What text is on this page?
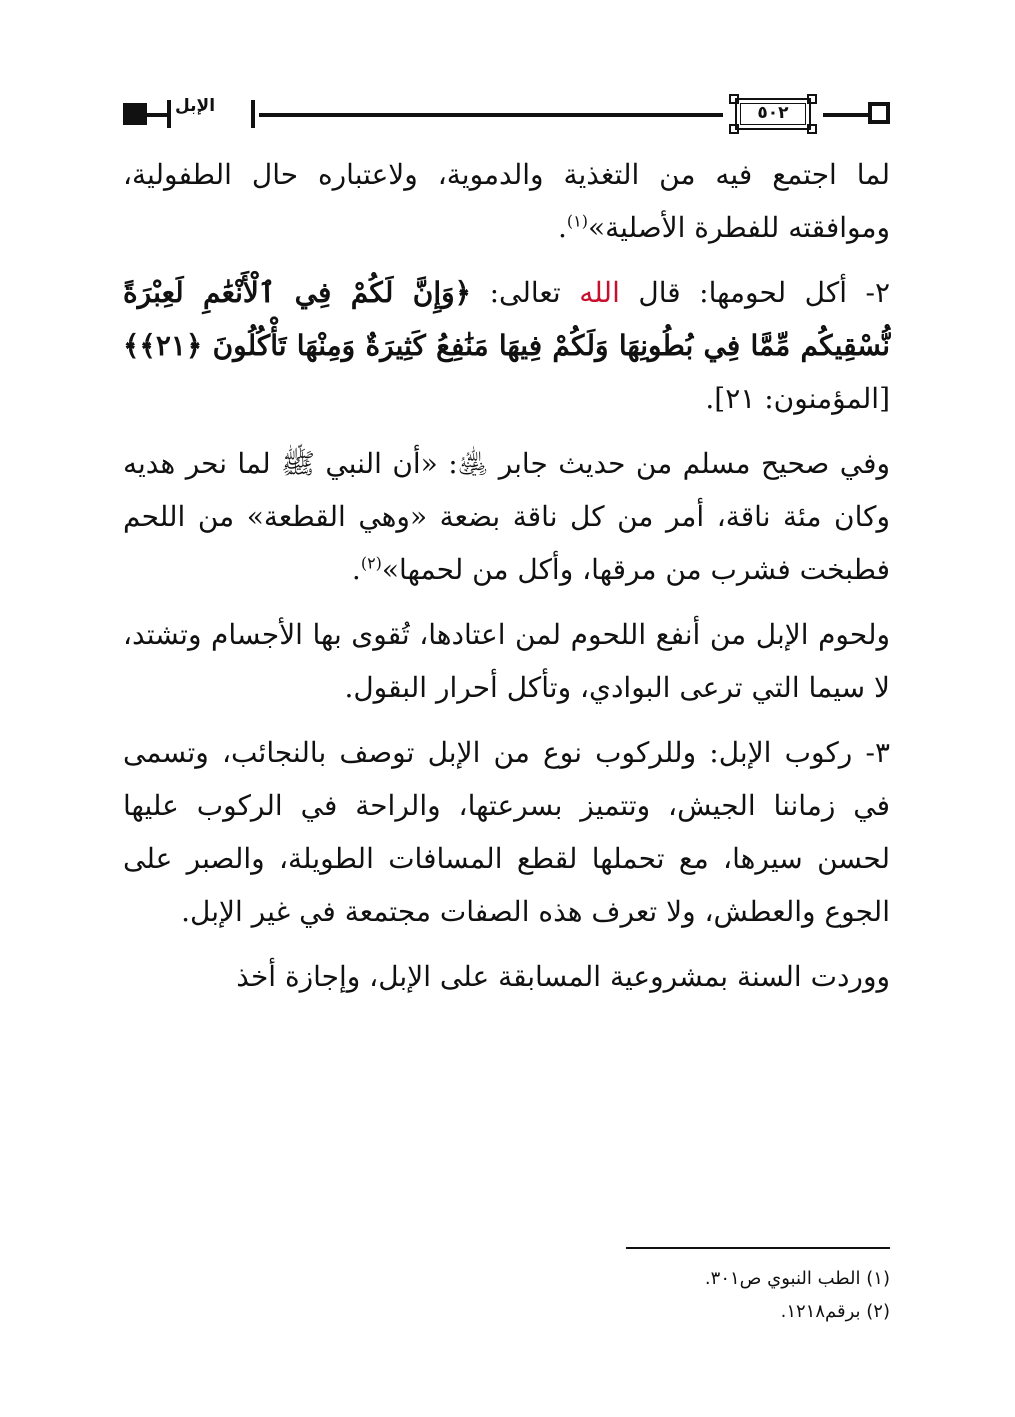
الإبل	٥٠٢

لما اجتمع فيه من التغذية والدموية، ولاعتباره حال الطفولية، وموافقته للفطرة الأصلية»$^{(١)}$.

٢- أكل لحومها: قال الله تعالى: ﴿وَإِنَّ لَكُمْ فِي ٱلْأَنْعَٰمِ لَعِبْرَةً نُّسْقِيكُم مِّمَّا فِي بُطُونِهَا وَلَكُمْ فِيهَا مَنَٰفِعُ كَثِيرَةٌ وَمِنْهَا تَأْكُلُونَ ﴿٢١﴾﴾ [المؤمنون: ٢١].

وفي صحيح مسلم من حديث جابر ﵁: «أن النبي ﷺ لما نحر هديه وكان مئة ناقة، أمر من كل ناقة بضعة «وهي القطعة» من اللحم فطبخت فشرب من مرقها، وأكل من لحمها»$^{(٢)}$.

ولحوم الإبل من أنفع اللحوم لمن اعتادها، تُقوى بها الأجسام وتشتد، لا سيما التي ترعى البوادي، وتأكل أحرار البقول.

٣- ركوب الإبل: وللركوب نوع من الإبل توصف بالنجائب، وتسمى في زماننا الجيش، وتتميز بسرعتها، والراحة في الركوب عليها لحسن سيرها، مع تحملها لقطع المسافات الطويلة، والصبر على الجوع والعطش، ولا تعرف هذه الصفات مجتمعة في غير الإبل.

ووردت السنة بمشروعية المسابقة على الإبل، وإجازة أخذ

(١) الطب النبوي ص٣٠١.
(٢) برقم١٢١٨.
